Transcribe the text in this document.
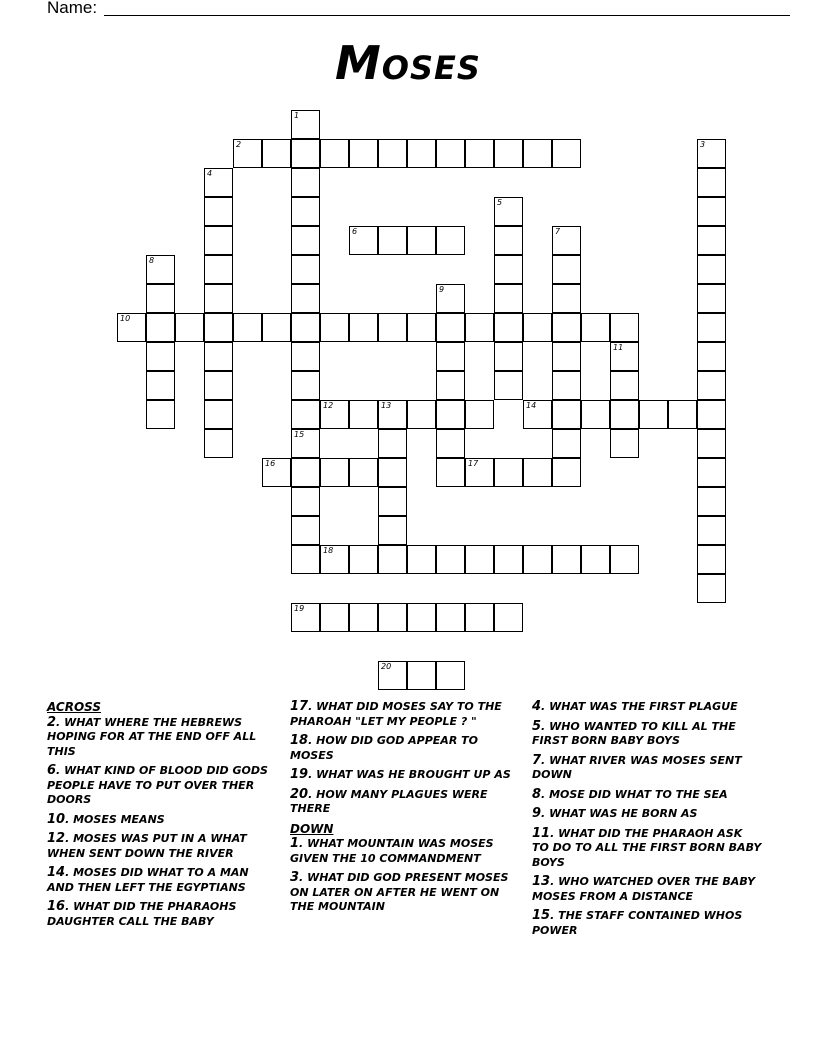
Name:
Moses
1
15
2	3
4
5
6	7
8
9
10
11
12	13	14
16	17
18
19
20
ACROSS
2. WHAT WHERE THE HEBREWS HOPING FOR AT THE END OFF ALL THIS
6. WHAT KIND OF BLOOD DID GODS PEOPLE HAVE TO PUT OVER THER DOORS
10. MOSES MEANS
12. MOSES WAS PUT IN A WHAT WHEN SENT DOWN THE RIVER
14. MOSES DID WHAT TO A MAN AND THEN LEFT THE EGYPTIANS
16. WHAT DID THE PHARAOHS DAUGHTER CALL THE BABY
17. WHAT DID MOSES SAY TO THE PHAROAH "LET MY PEOPLE ? "
18. HOW DID GOD APPEAR TO MOSES
19. WHAT WAS HE BROUGHT UP AS
20. HOW MANY PLAGUES WERE THERE
DOWN
1. WHAT MOUNTAIN WAS MOSES GIVEN THE 10 COMMANDMENT
3. WHAT DID GOD PRESENT MOSES ON LATER ON AFTER HE WENT ON THE MOUNTAIN
4. WHAT WAS THE FIRST PLAGUE
5. WHO WANTED TO KILL AL THE FIRST BORN BABY BOYS
7. WHAT RIVER WAS MOSES SENT DOWN
8. MOSE DID WHAT TO THE SEA
9. WHAT WAS HE BORN AS
11. WHAT DID THE PHARAOH ASK TO DO TO ALL THE FIRST BORN BABY BOYS
13. WHO WATCHED OVER THE BABY MOSES FROM A DISTANCE
15. THE STAFF CONTAINED WHOS POWER
